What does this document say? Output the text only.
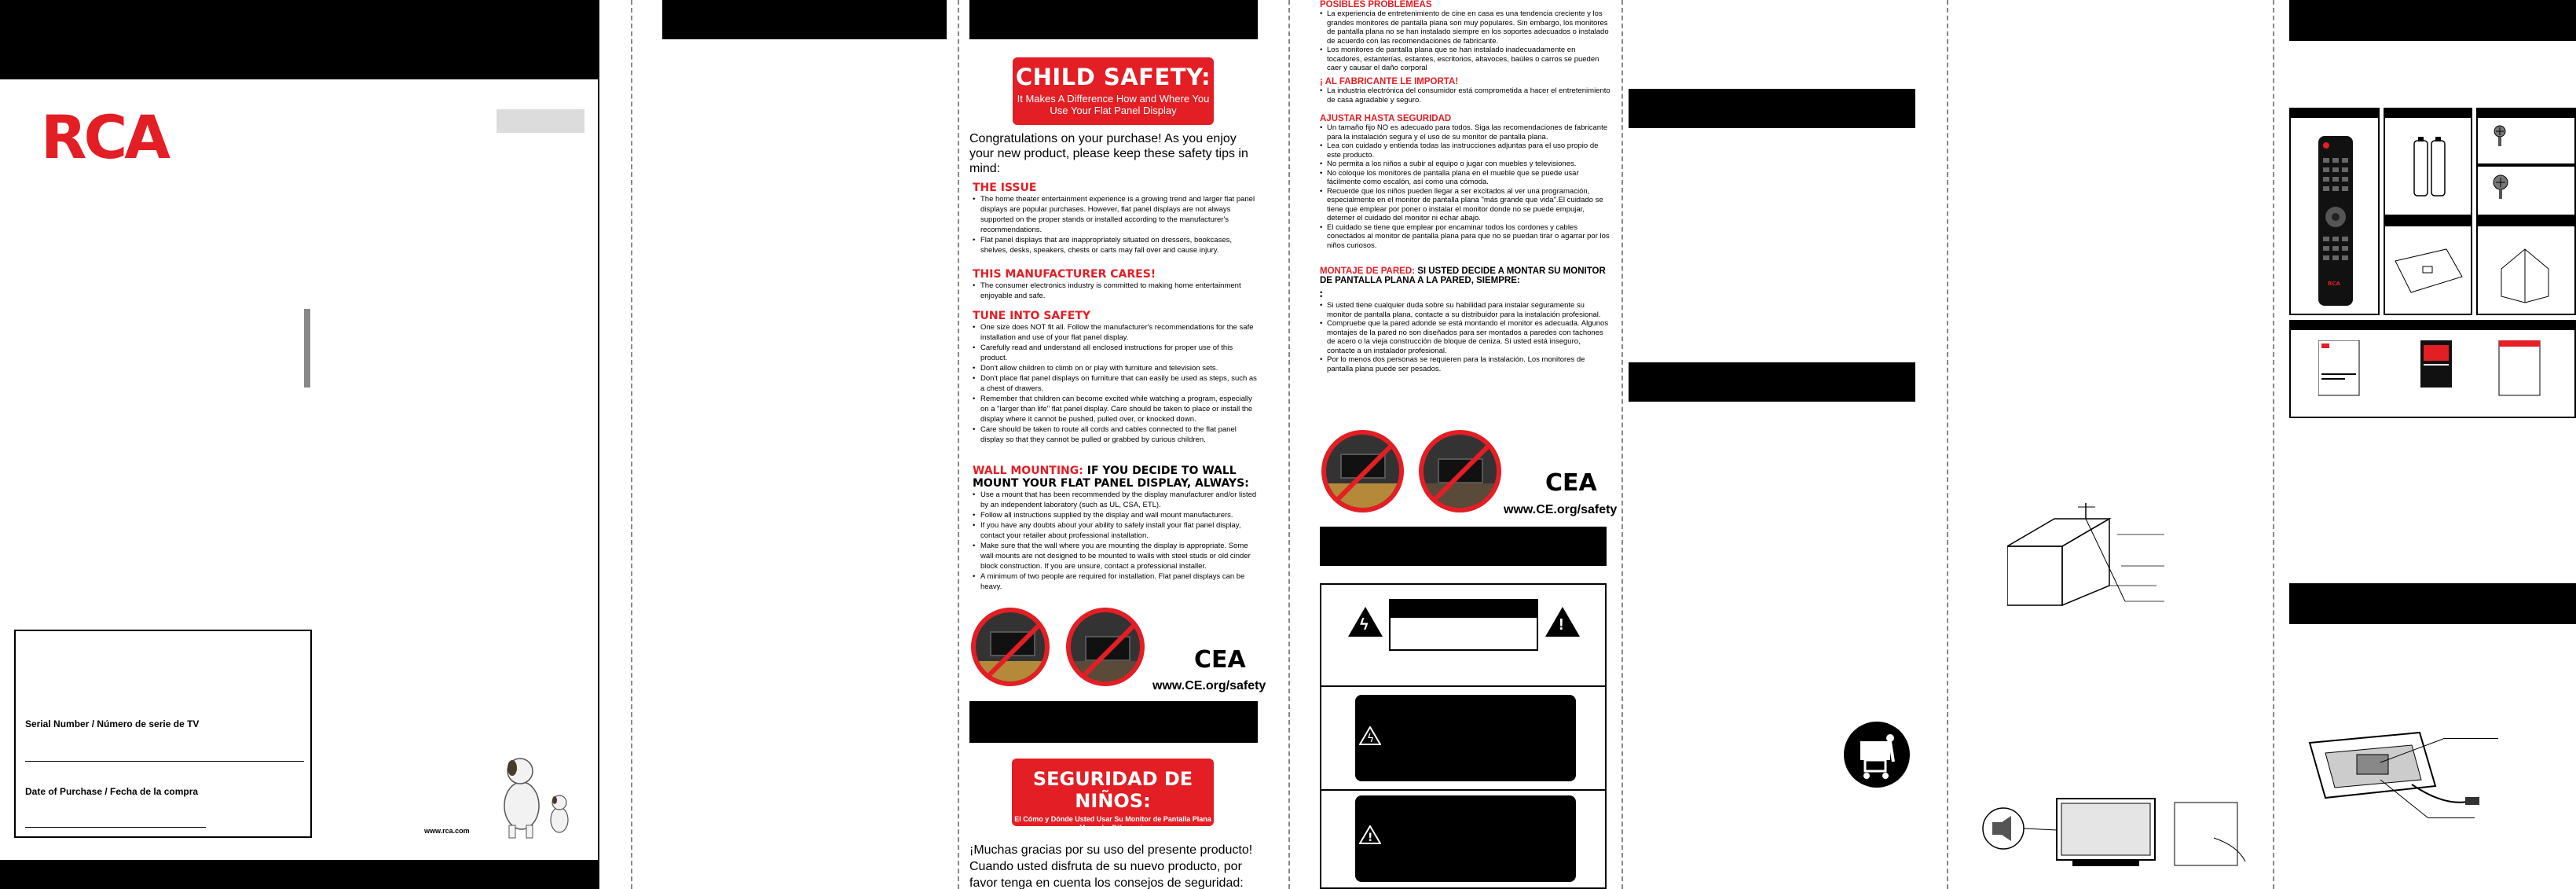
RCA
Serial Number / Número de serie de TV
Date of Purchase / Fecha de la compra
www.rca.com
CHILD SAFETY:
It Makes A Difference How and Where You Use Your Flat Panel Display
Congratulations on your purchase! As you enjoy your new product, please keep these safety tips in mind:
THE ISSUE
• The home theater entertainment experience is a growing trend and larger flat panel displays are popular purchases. However, flat panel displays are not always supported on the proper stands or installed according to the manufacturer's recommendations.
• Flat panel displays that are inappropriately situated on dressers, bookcases, shelves, desks, speakers, chests or carts may fall over and cause injury.
THIS MANUFACTURER CARES!
• The consumer electronics industry is committed to making home entertainment enjoyable and safe.
TUNE INTO SAFETY
• One size does NOT fit all. Follow the manufacturer's recommendations for the safe installation and use of your flat panel display.
• Carefully read and understand all enclosed instructions for proper use of this product.
• Don't allow children to climb on or play with furniture and television sets.
• Don't place flat panel displays on furniture that can easily be used as steps, such as a chest of drawers.
• Remember that children can become excited while watching a program, especially on a "larger than life" flat panel display. Care should be taken to place or install the display where it cannot be pushed, pulled over, or knocked down.
• Care should be taken to route all cords and cables connected to the flat panel display so that they cannot be pulled or grabbed by curious children.
WALL MOUNTING: IF YOU DECIDE TO WALL MOUNT YOUR FLAT PANEL DISPLAY, ALWAYS:
• Use a mount that has been recommended by the display manufacturer and/or listed by an independent laboratory (such as UL, CSA, ETL).
• Follow all instructions supplied by the display and wall mount manufacturers.
• If you have any doubts about your ability to safely install your flat panel display, contact your retailer about professional installation.
• Make sure that the wall where you are mounting the display is appropriate. Some wall mounts are not designed to be mounted to walls with steel studs or old cinder block construction. If you are unsure, contact a professional installer.
• A minimum of two people are required for installation. Flat panel displays can be heavy.
CEA
www.CE.org/safety
SEGURIDAD DE NIÑOS:
El Cómo y Dónde Usted Usar Su Monitor de Pantalla Plana Marca La Diferencia
¡Muchas gracias por su uso del presente producto! Cuando usted disfruta de su nuevo producto, por favor tenga en cuenta los consejos de seguridad:
POSIBLES PROBLEMEAS
• La experiencia de entretenimiento de cine en casa es una tendencia creciente y los grandes monitores de pantalla plana son muy populares. Sin embargo, los monitores de pantalla plana no se han instalado siempre en los soportes adecuados o instalado de acuerdo con las recomendaciones de fabricante.
• Los monitores de pantalla plana que se han instalado inadecuadamente en tocadores, estanterías, estantes, escritorios, altavoces, baúles o carros se pueden caer y causar el daño corporal
¡ AL FABRICANTE LE IMPORTA!
• La industria electrónica del consumidor está comprometida a hacer el entretenimiento de casa agradable y seguro.
AJUSTAR HASTA SEGURIDAD
• Un tamaño fijo NO es adecuado para todos. Siga las recomendaciones de fabricante para la instalación segura y el uso de su monitor de pantalla plana.
• Lea con cuidado y entienda todas las instrucciones adjuntas para el uso propio de este producto.
• No permita a los niños a subir al equipo o jugar con muebles y televisiones.
• No coloque los monitores de pantalla plana en el mueble que se puede usar fácilmente como escalón, así como una cómoda.
• Recuerde que los niños pueden llegar a ser excitados al ver una programación, especialmente en el monitor de pantalla plana "más grande que vida".El cuidado se tiene que emplear por poner o instalar el monitor donde no se puede empujar, deterner el cuidado del monitor ni echar abajo.
• El cuidado se tiene que emplear por encaminar todos los cordones y cables conectados al monitor de pantalla plana para que no se puedan tirar o agarrar por los niños curiosos.
MONTAJE DE PARED: SI USTED DECIDE A MONTAR SU MONITOR DE PANTALLA PLANA A LA PARED, SIEMPRE:
• Si usted tiene cualquier duda sobre su habilidad para instalar seguramente su monitor de pantalla plana, contacte a su distribuidor para la instalación profesional.
• Compruebe que la pared adonde se está montando el monitor es adecuada. Algunos montajes de la pared no son diseñados para ser montados a paredes con tachones de acero o la vieja construcción de bloque de ceniza. Si usted está inseguro, contacte a un instalador profesional.
• Por lo menos dos personas se requieren para la instalación. Los monitores de pantalla plana puede ser pesados.
CEA
www.CE.org/safety
ϟ	!
ϟ
!
RCA
